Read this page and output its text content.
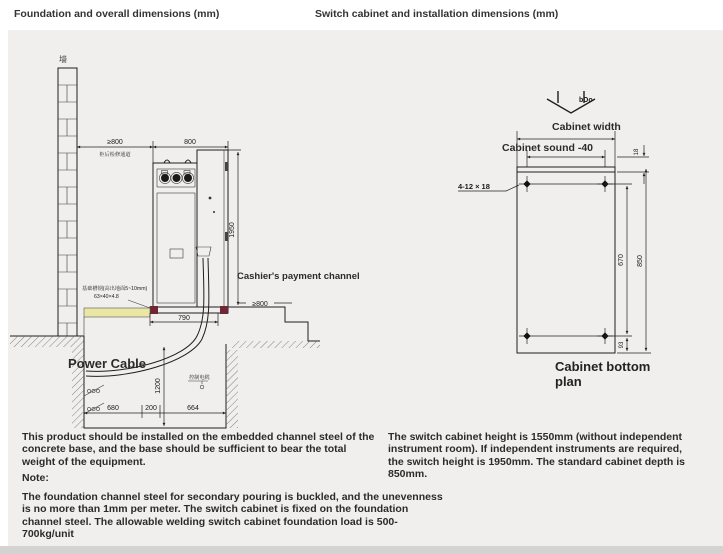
Foundation and overall dimensions (mm)	Switch cabinet and installation dimensions (mm)
墙
≥800
柜后检修通道
800
1950
基础槽钢(高出地面5~10mm)
63×40×4.8
790
≥800
1200
控制电缆
680	200	664
bDo
18
4-12 × 18
670 850
93
Cashier's payment channel
Power Cable
Cabinet width
Cabinet sound -40
Cabinet bottom plan
This product should be installed on the embedded channel steel of the concrete base, and the base should be sufficient to bear the total weight of the equipment.
Note:
The foundation channel steel for secondary pouring is buckled, and the unevenness is no more than 1mm per meter. The switch cabinet is fixed on the foundation channel steel. The allowable welding switch cabinet foundation load is 500-700kg/unit
The switch cabinet height is 1550mm (without independent instrument room). If independent instruments are required, the switch height is 1950mm. The standard cabinet depth is 850mm.
